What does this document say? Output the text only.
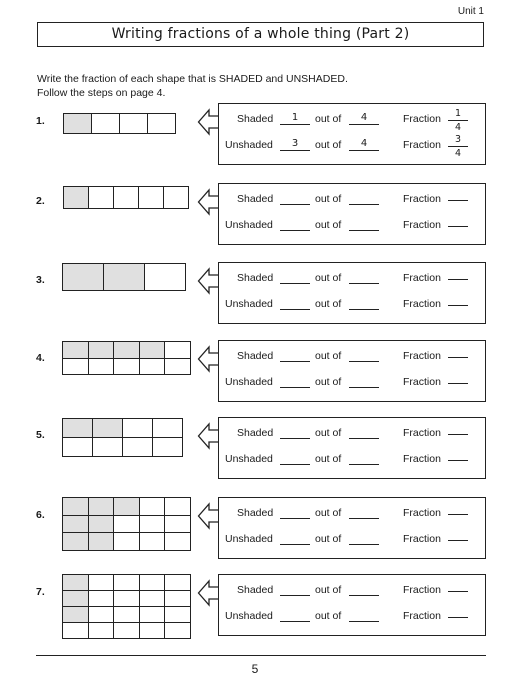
Unit 1
Writing fractions of a whole thing (Part 2)
Write the fraction of each shape that is SHADED and UNSHADED.
Follow the steps on page 4.
1.
				Shaded	1	out of	4	Fraction	1
4
Unshaded	3	out of	4	Fraction	3
4
2.
					Shaded	out of	Fraction
Unshaded	out of	Fraction
3.
			Shaded	out of	Fraction
Unshaded	out of	Fraction
4.

					Shaded	out of	Fraction
Unshaded	out of	Fraction
5.

				Shaded	out of	Fraction
Unshaded	out of	Fraction
6.

					Shaded	out of	Fraction
Unshaded	out of	Fraction
7.

					Shaded	out of	Fraction
Unshaded	out of	Fraction
5
